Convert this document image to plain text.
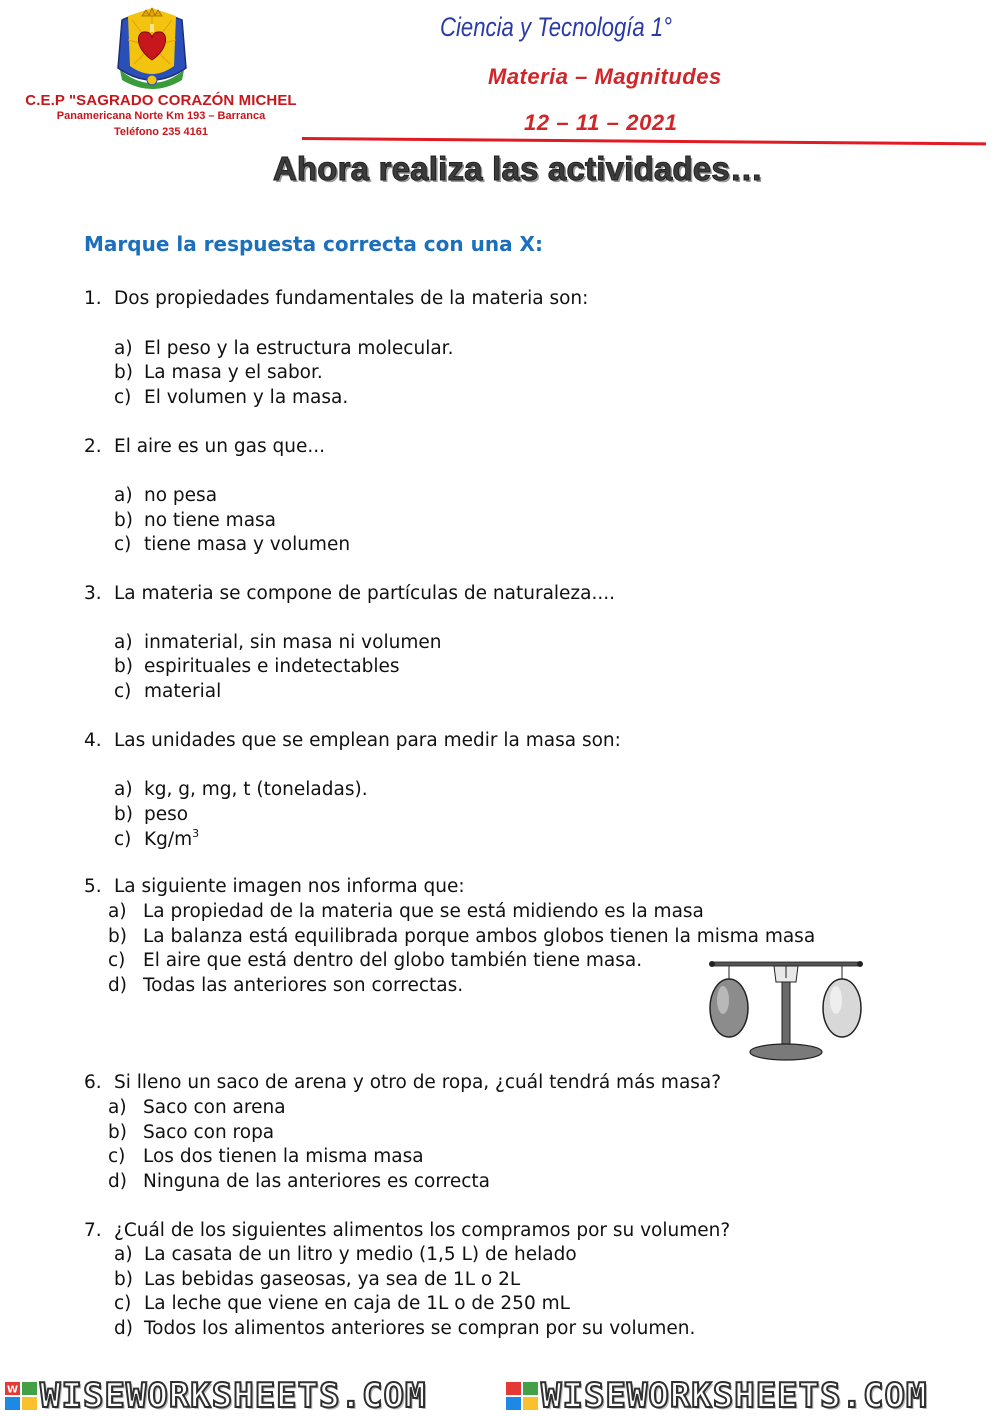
C.E.P "SAGRADO CORAZÓN MICHEL
Panamericana Norte Km 193 – Barranca
Teléfono 235 4161
Ciencia y Tecnología 1°
Materia – Magnitudes
12 – 11 – 2021
Ahora realiza las actividades…
Marque la respuesta correcta con una X:
1. Dos propiedades fundamentales de la materia son:
a) El peso y la estructura molecular.
b) La masa y el sabor.
c) El volumen y la masa.
2. El aire es un gas que...
a) no pesa
b) no tiene masa
c) tiene masa y volumen
3. La materia se compone de partículas de naturaleza....
a) inmaterial, sin masa ni volumen
b) espirituales e indetectables
c) material
4. Las unidades que se emplean para medir la masa son:
a) kg, g, mg, t (toneladas).
b) peso
c) $Kg/m^3$
5. La siguiente imagen nos informa que:
a) La propiedad de la materia que se está midiendo es la masa
b) La balanza está equilibrada porque ambos globos tienen la misma masa
c) El aire que está dentro del globo también tiene masa.
d) Todas las anteriores son correctas.
6. Si lleno un saco de arena y otro de ropa, ¿cuál tendrá más masa?
a) Saco con arena
b) Saco con ropa
c) Los dos tienen la misma masa
d) Ninguna de las anteriores es correcta
7. ¿Cuál de los siguientes alimentos los compramos por su volumen?
a) La casata de un litro y medio (1,5 L) de helado
b) Las bebidas gaseosas, ya sea de 1L o 2L
c) La leche que viene en caja de 1L o de 250 mL
d) Todos los alimentos anteriores se compran por su volumen.
W WISEWORKSHEETS.COM	WISEWORKSHEETS.COM
